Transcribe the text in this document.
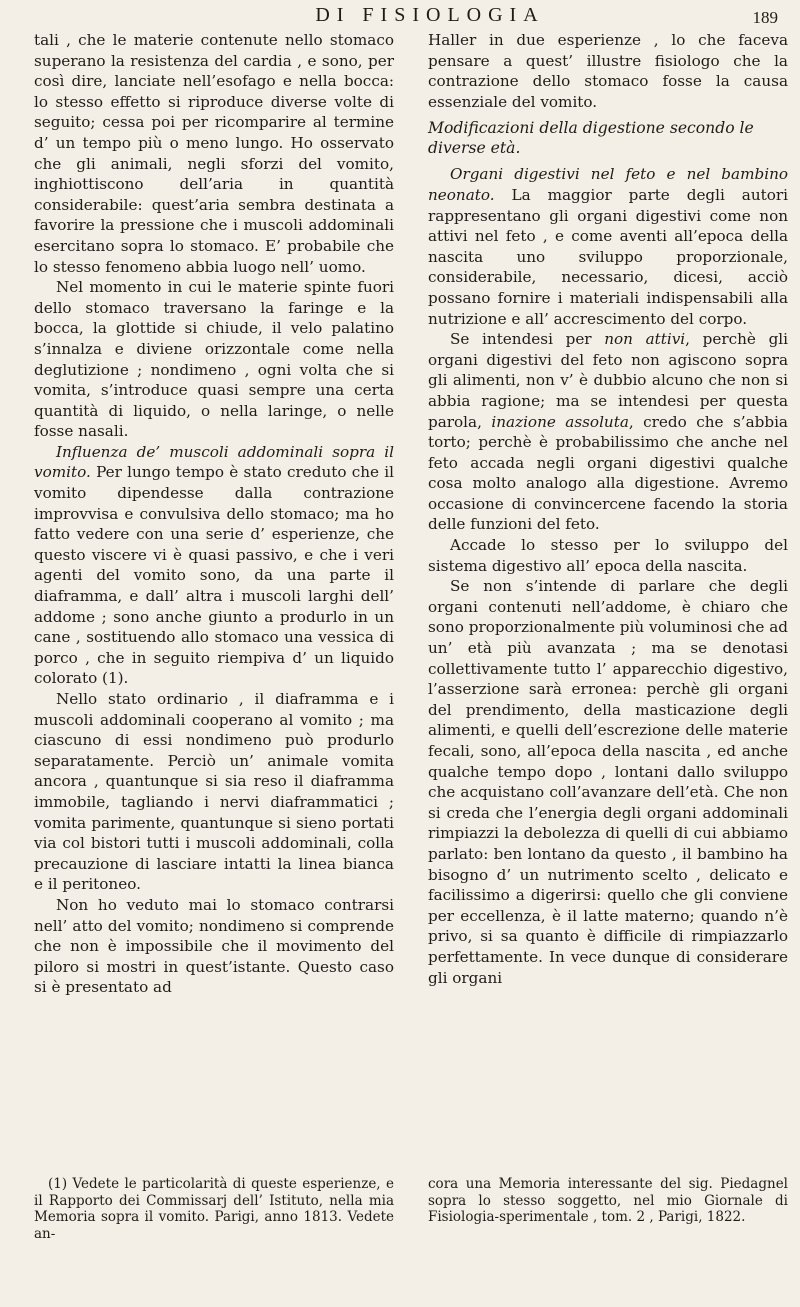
DI FISIOLOGIA	189

tali , che le materie contenute nello stomaco superano la resistenza del cardia , e sono, per così dire, lanciate nell’esofago e nella bocca: lo stesso effetto si riproduce diverse volte di seguito; cessa poi per ricomparire al termine d’ un tempo più o meno lungo. Ho osservato che gli animali, negli sforzi del vomito, inghiottiscono dell’aria in quantità considerabile: quest’aria sembra destinata a favorire la pressione che i muscoli addominali esercitano sopra lo stomaco. E’ probabile che lo stesso fenomeno abbia luogo nell’ uomo.

Nel momento in cui le materie spinte fuori dello stomaco traversano la faringe e la bocca, la glottide si chiude, il velo palatino s’innalza e diviene orizzontale come nella deglutizione ; nondimeno , ogni volta che si vomita, s’introduce quasi sempre una certa quantità di liquido, o nella laringe, o nelle fosse nasali.

Influenza de’ muscoli addominali sopra il vomito. Per lungo tempo è stato creduto che il vomito dipendesse dalla contrazione improvvisa e convulsiva dello stomaco; ma ho fatto vedere con una serie d’ esperienze, che questo viscere vi è quasi passivo, e che i veri agenti del vomito sono, da una parte il diaframma, e dall’ altra i muscoli larghi dell’ addome ; sono anche giunto a produrlo in un cane , sostituendo allo stomaco una vessica di porco , che in seguito riempiva d’ un liquido colorato (1).

Nello stato ordinario , il diaframma e i muscoli addominali cooperano al vomito ; ma ciascuno di essi nondimeno può produrlo separatamente. Perciò un’ animale vomita ancora , quantunque si sia reso il diaframma immobile, tagliando i nervi diaframmatici ; vomita parimente, quantunque si sieno portati via col bistori tutti i muscoli addominali, colla precauzione di lasciare intatti la linea bianca e il peritoneo.

Non ho veduto mai lo stomaco contrarsi nell’ atto del vomito; nondimeno si comprende che non è impossibile che il movimento del piloro si mostri in quest’istante. Questo caso si è presentato ad

Haller in due esperienze , lo che faceva pensare a quest’ illustre fisiologo che la contrazione dello stomaco fosse la causa essenziale del vomito.

Modificazioni della digestione secondo le diverse età.

Organi digestivi nel feto e nel bambino neonato. La maggior parte degli autori rappresentano gli organi digestivi come non attivi nel feto , e come aventi all’epoca della nascita uno sviluppo proporzionale, considerabile, necessario, dicesi, acciò possano fornire i materiali indispensabili alla nutrizione e all’ accrescimento del corpo.

Se intendesi per non attivi, perchè gli organi digestivi del feto non agiscono sopra gli alimenti, non v’ è dubbio alcuno che non si abbia ragione; ma se intendesi per questa parola, inazione assoluta, credo che s’abbia torto; perchè è probabilissimo che anche nel feto accada negli organi digestivi qualche cosa molto analogo alla digestione. Avremo occasione di convincercene facendo la storia delle funzioni del feto.

Accade lo stesso per lo sviluppo del sistema digestivo all’ epoca della nascita.

Se non s’intende di parlare che degli organi contenuti nell’addome, è chiaro che sono proporzionalmente più voluminosi che ad un’ età più avanzata ; ma se denotasi collettivamente tutto l’ apparecchio digestivo, l’asserzione sarà erronea: perchè gli organi del prendimento, della masticazione degli alimenti, e quelli dell’escrezione delle materie fecali, sono, all’epoca della nascita , ed anche qualche tempo dopo , lontani dallo sviluppo che acquistano coll’avanzare dell’età. Che non si creda che l’energia degli organi addominali rimpiazzi la debolezza di quelli di cui abbiamo parlato: ben lontano da questo , il bambino ha bisogno d’ un nutrimento scelto , delicato e facilissimo a digerirsi: quello che gli conviene per eccellenza, è il latte materno; quando n’è privo, si sa quanto è difficile di rimpiazzarlo perfettamente. In vece dunque di considerare gli organi

(1) Vedete le particolarità di queste esperienze, e il Rapporto dei Commissarj dell’ Istituto, nella mia Memoria sopra il vomito. Parigi, anno 1813. Vedete an-
cora una Memoria interessante del sig. Piedagnel sopra lo stesso soggetto, nel mio Giornale di Fisiologia-sperimentale , tom. 2 , Parigi, 1822.
